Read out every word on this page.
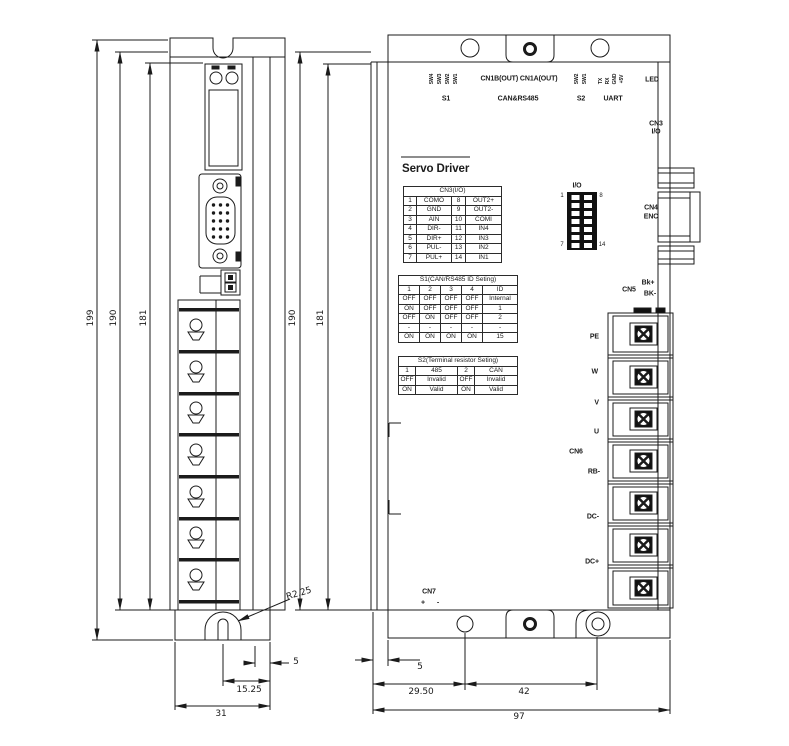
199 190 181
R2.25
5
15.25
31
SW4 SW3 SW2 SW1
S1
CN1B(OUT) CN1A(OUT)
CAN&RS485
SW2 SW1
S2
TX RX GND +5V
UART
LED
CN3
I/O
Servo Driver
I/O
1	8
7	14
CN4
ENC
CN5
Bk+
BK-
PE
W
V
U
RB-
DC-
DC+
CN6
CN7
+ -
190 181
5
29.50	42
97
CN3(I/O)			
1	COMO	8	OUT2+
2	GND	9	OUT2-
3	AIN	10	COMI
4	DIR-	11	IN4
5	DIR+	12	IN3
6	PUL-	13	IN2
7	PUL+	14	IN1
S1(CAN/RS485 ID Seting)				
1	2	3	4	ID
OFF	OFF	OFF	OFF	Internal
ON	OFF	OFF	OFF	1
OFF	ON	OFF	OFF	2
-	-	-	-	-
ON	ON	ON	ON	15
S2(Terminal resistor Seting)			
1	485	2	CAN
OFF	Invalid	OFF	Invalid
ON	Valid	ON	Valid
